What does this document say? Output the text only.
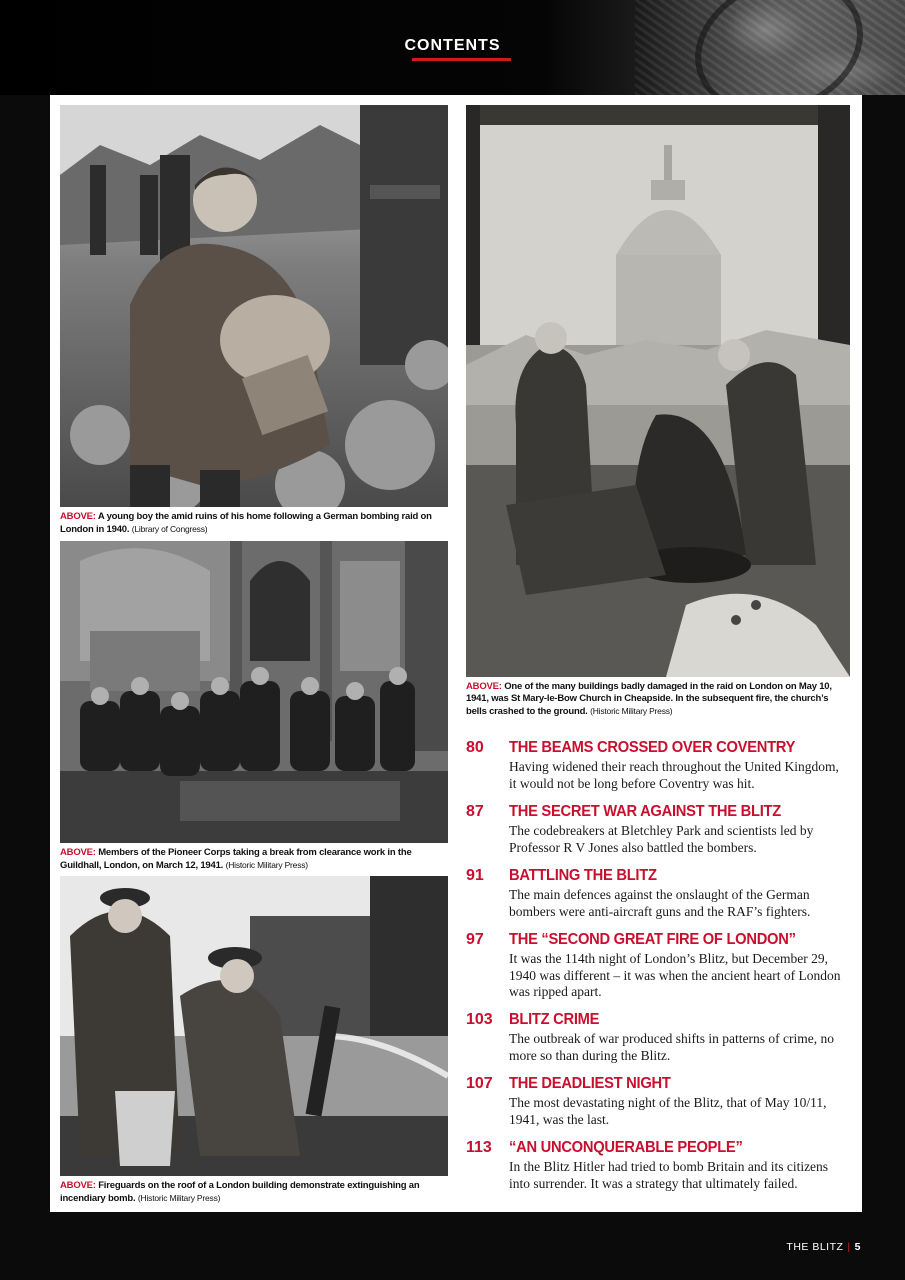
CONTENTS
ABOVE: A young boy the amid ruins of his home following a German bombing raid on London in 1940. (Library of Congress)
ABOVE: Members of the Pioneer Corps taking a break from clearance work in the Guildhall, London, on March 12, 1941. (Historic Military Press)
ABOVE: Fireguards on the roof of a London building demonstrate extinguishing an incendiary bomb. (Historic Military Press)
ABOVE: One of the many buildings badly damaged in the raid on London on May 10, 1941, was St Mary-le-Bow Church in Cheapside. In the subsequent fire, the church’s bells crashed to the ground. (Historic Military Press)
80 THE BEAMS CROSSED OVER COVENTRY
Having widened their reach throughout the United Kingdom, it would not be long before Coventry was hit.
87 THE SECRET WAR AGAINST THE BLITZ
The codebreakers at Bletchley Park and scientists led by Professor R V Jones also battled the bombers.
91 BATTLING THE BLITZ
The main defences against the onslaught of the German bombers were anti-aircraft guns and the RAF’s fighters.
97 THE “SECOND GREAT FIRE OF LONDON”
It was the 114th night of London’s Blitz, but December 29, 1940 was different – it was when the ancient heart of London was ripped apart.
103 BLITZ CRIME
The outbreak of war produced shifts in patterns of crime, no more so than during the Blitz.
107 THE DEADLIEST NIGHT
The most devastating night of the Blitz, that of May 10/11, 1941, was the last.
113 “AN UNCONQUERABLE PEOPLE”
In the Blitz Hitler had tried to bomb Britain and its citizens into surrender. It was a strategy that ultimately failed.
THE BLITZ | 5
